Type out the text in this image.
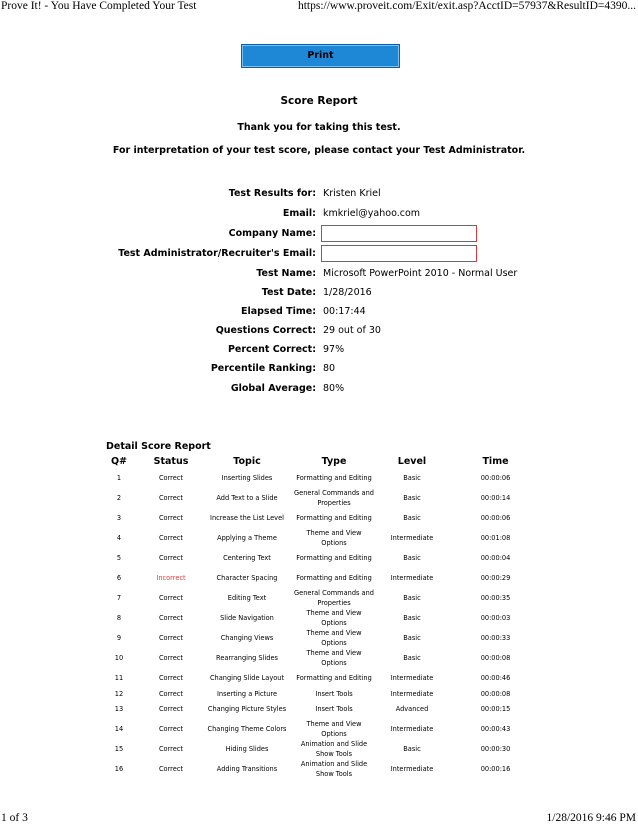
Prove It! - You Have Completed Your Test	https://www.proveit.com/Exit/exit.asp?AcctID=57937&ResultID=4390...
Print
Score Report
Thank you for taking this test.
For interpretation of your test score, please contact your Test Administrator.
Test Results for: Kristen Kriel
Email: kmkriel@yahoo.com
Company Name:
Test Administrator/Recruiter's Email:
Test Name: Microsoft PowerPoint 2010 - Normal User
Test Date: 1/28/2016
Elapsed Time: 00:17:44
Questions Correct: 29 out of 30
Percent Correct: 97%
Percentile Ranking: 80
Global Average: 80%
Detail Score Report
Q#	Status	Topic	Type	Level	Time
1	Correct	Inserting Slides	Formatting and Editing	Basic	00:00:06
2	Correct	Add Text to a Slide	General Commands and Properties	Basic	00:00:14
3	Correct	Increase the List Level	Formatting and Editing	Basic	00:00:06
4	Correct	Applying a Theme	Theme and View Options	Intermediate	00:01:08
5	Correct	Centering Text	Formatting and Editing	Basic	00:00:04
6	Incorrect	Character Spacing	Formatting and Editing	Intermediate	00:00:29
7	Correct	Editing Text	General Commands and Properties	Basic	00:00:35
8	Correct	Slide Navigation	Theme and View Options	Basic	00:00:03
9	Correct	Changing Views	Theme and View Options	Basic	00:00:33
10	Correct	Rearranging Slides	Theme and View Options	Basic	00:00:08
11	Correct	Changing Slide Layout	Formatting and Editing	Intermediate	00:00:46
12	Correct	Inserting a Picture	Insert Tools	Intermediate	00:00:08
13	Correct	Changing Picture Styles	Insert Tools	Advanced	00:00:15
14	Correct	Changing Theme Colors	Theme and View Options	Intermediate	00:00:43
15	Correct	Hiding Slides	Animation and Slide Show Tools	Basic	00:00:30
16	Correct	Adding Transitions	Animation and Slide Show Tools	Intermediate	00:00:16
1 of 3	1/28/2016 9:46 PM
